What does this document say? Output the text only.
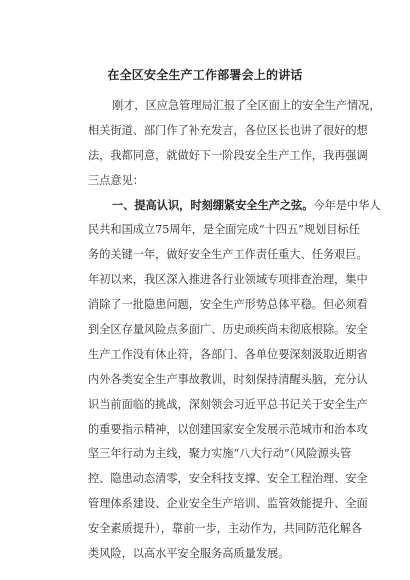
在全区安全生产工作部署会上的讲话
刚才，区应急管理局汇报了全区面上的安全生产情况，
相关街道、部门作了补充发言，各位区长也讲了很好的想
法，我都同意，就做好下一阶段安全生产工作，我再强调
三点意见：
一、提高认识，时刻绷紧安全生产之弦。今年是中华人
民共和国成立75周年，是全面完成“十四五”规划目标任
务的关键一年，做好安全生产工作责任重大、任务艰巨。
年初以来，我区深入推进各行业领域专项排查治理，集中
消除了一批隐患问题，安全生产形势总体平稳。但必须看
到全区存量风险点多面广、历史顽疾尚未彻底根除。安全
生产工作没有休止符，各部门、各单位要深刻汲取近期省
内外各类安全生产事故教训，时刻保持清醒头脑，充分认
识当前面临的挑战，深刻领会习近平总书记关于安全生产
的重要指示精神，以创建国家安全发展示范城市和治本攻
坚三年行动为主线，聚力实施“八大行动”（风险源头管
控、隐患动态清零，安全科技支撑、安全工程治理、安全
管理体系建设、企业安全生产培训、监管效能提升、全面
安全素质提升），靠前一步，主动作为，共同防范化解各
类风险，以高水平安全服务高质量发展。
